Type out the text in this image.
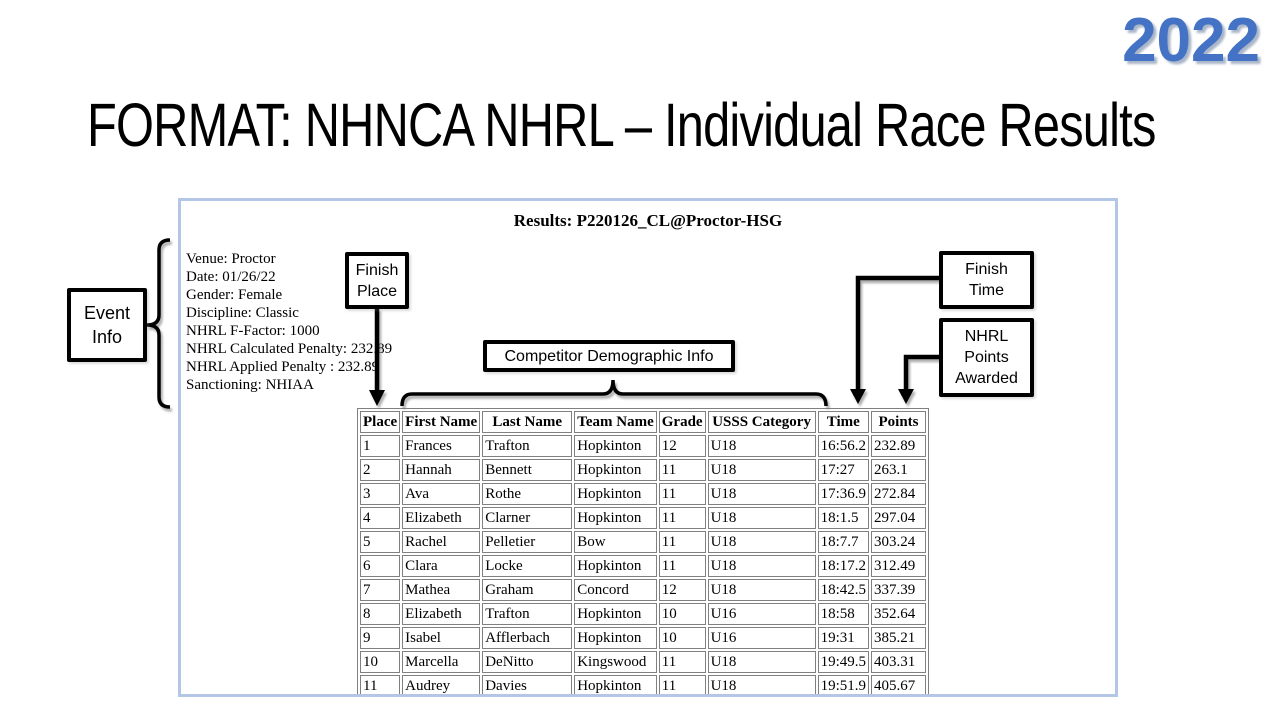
2022
FORMAT: NHNCA NHRL – Individual Race Results
Results: P220126_CL@Proctor-HSG
Venue: Proctor
Date: 01/26/22
Gender: Female
Discipline: Classic
NHRL F-Factor: 1000
NHRL Calculated Penalty: 232.89
NHRL Applied Penalty : 232.89
Sanctioning: NHIAA
Place	First Name	Last Name	Team Name	Grade	USSS Category	Time	Points
1	Frances	Trafton	Hopkinton	12	U18	16:56.2	232.89
2	Hannah	Bennett	Hopkinton	11	U18	17:27	263.1
3	Ava	Rothe	Hopkinton	11	U18	17:36.9	272.84
4	Elizabeth	Clarner	Hopkinton	11	U18	18:1.5	297.04
5	Rachel	Pelletier	Bow	11	U18	18:7.7	303.24
6	Clara	Locke	Hopkinton	11	U18	18:17.2	312.49
7	Mathea	Graham	Concord	12	U18	18:42.5	337.39
8	Elizabeth	Trafton	Hopkinton	10	U16	18:58	352.64
9	Isabel	Afflerbach	Hopkinton	10	U16	19:31	385.21
10	Marcella	DeNitto	Kingswood	11	U18	19:49.5	403.31
11	Audrey	Davies	Hopkinton	11	U18	19:51.9	405.67
Event
Info
Finish
Place
Competitor Demographic Info
Finish
Time
NHRL
Points
Awarded
